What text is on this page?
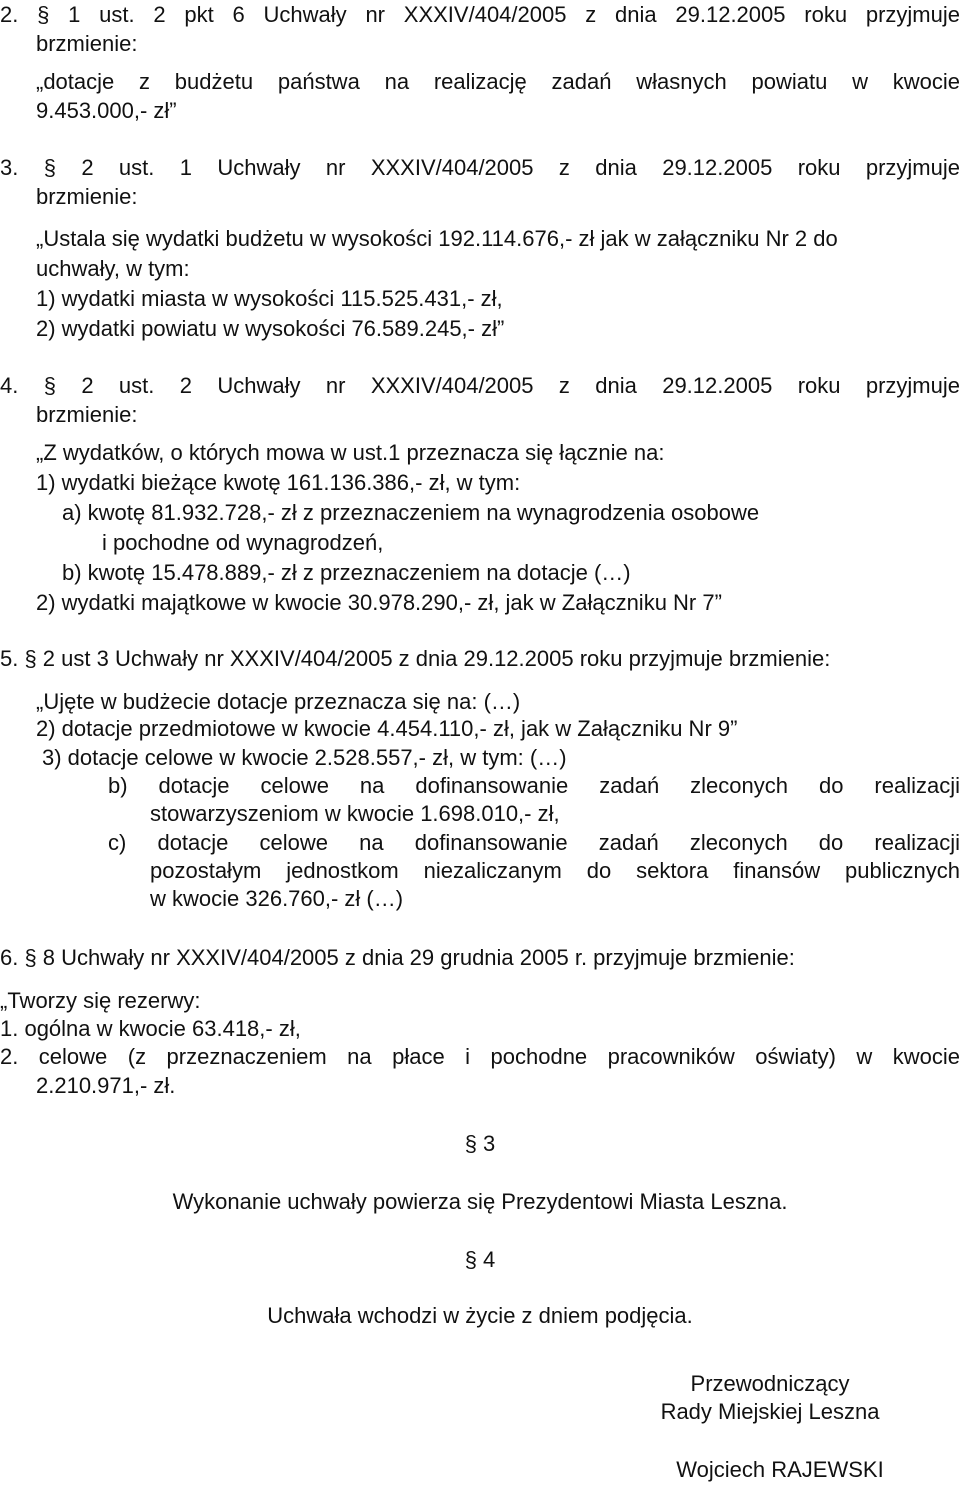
2. § 1 ust. 2 pkt 6 Uchwały nr XXXIV/404/2005 z dnia 29.12.2005 roku przyjmuje
brzmienie:
„dotacje z budżetu państwa na realizację zadań własnych powiatu w kwocie
9.453.000,- zł”
3. § 2 ust. 1 Uchwały nr XXXIV/404/2005 z dnia 29.12.2005 roku przyjmuje
brzmienie:
„Ustala się wydatki budżetu w wysokości 192.114.676,- zł jak w załączniku Nr 2 do
uchwały, w tym:
1) wydatki miasta w wysokości 115.525.431,- zł,
2) wydatki powiatu w wysokości 76.589.245,- zł”
4. § 2 ust. 2 Uchwały nr XXXIV/404/2005 z dnia 29.12.2005 roku przyjmuje
brzmienie:
„Z wydatków, o których mowa w ust.1 przeznacza się łącznie na:
1) wydatki bieżące kwotę 161.136.386,- zł, w tym:
a) kwotę 81.932.728,- zł z przeznaczeniem na wynagrodzenia osobowe
i pochodne od wynagrodzeń,
b) kwotę 15.478.889,- zł z przeznaczeniem na dotacje (…)
2) wydatki majątkowe w kwocie 30.978.290,- zł, jak w Załączniku Nr 7”
5. § 2 ust 3 Uchwały nr XXXIV/404/2005 z dnia 29.12.2005 roku przyjmuje brzmienie:
„Ujęte w budżecie dotacje przeznacza się na: (…)
2) dotacje przedmiotowe w kwocie 4.454.110,- zł, jak w Załączniku Nr 9”
3) dotacje celowe w kwocie 2.528.557,- zł, w tym: (…)
b) dotacje celowe na dofinansowanie zadań zleconych do realizacji
stowarzyszeniom w kwocie 1.698.010,- zł,
c) dotacje celowe na dofinansowanie zadań zleconych do realizacji
pozostałym jednostkom niezaliczanym do sektora finansów publicznych
w kwocie 326.760,- zł (…)
6. § 8 Uchwały nr XXXIV/404/2005 z dnia 29 grudnia 2005 r. przyjmuje brzmienie:
„Tworzy się rezerwy:
1. ogólna w kwocie 63.418,- zł,
2. celowe (z przeznaczeniem na płace i pochodne pracowników oświaty) w kwocie
2.210.971,- zł.
§ 3
Wykonanie uchwały powierza się Prezydentowi Miasta Leszna.
§ 4
Uchwała wchodzi w życie z dniem podjęcia.
Przewodniczący
Rady Miejskiej Leszna
Wojciech RAJEWSKI
